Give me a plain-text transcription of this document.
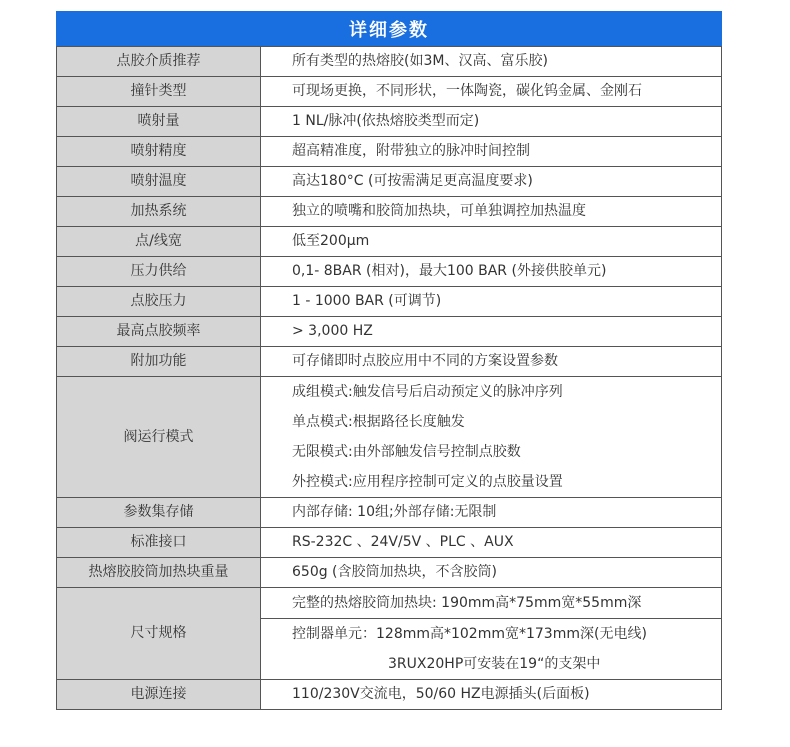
详细参数
点胶介质推荐	所有类型的热熔胶(如3M、汉高、富乐胶)
撞针类型	可现场更换，不同形状，一体陶瓷，碳化钨金属、金刚石
喷射量	1 NL/脉冲(依热熔胶类型而定)
喷射精度	超高精准度，附带独立的脉冲时间控制
喷射温度	高达180°C (可按需满足更高温度要求)
加热系统	独立的喷嘴和胶筒加热块，可单独调控加热温度
点/线宽	低至200μm
压力供给	0,1- 8BAR (相对)，最大100 BAR (外接供胶单元)
点胶压力	1 - 1000 BAR (可调节)
最高点胶频率	> 3,000 HZ
附加功能	可存储即时点胶应用中不同的方案设置参数
阀运行模式	成组模式:触发信号后启动预定义的脉冲序列
单点模式:根据路径长度触发
无限模式:由外部触发信号控制点胶数
外控模式:应用程序控制可定义的点胶量设置

参数集存储	内部存储: 10组;外部存储:无限制
标准接口	RS-232C 、24V/5V 、PLC 、AUX
热熔胶胶筒加热块重量	650g (含胶筒加热块，不含胶筒)
尺寸规格	完整的热熔胶筒加热块: 190mm高*75mm宽*55mm深
控制器单元：128mm高*102mm宽*173mm深(无电线)
3RUX20HP可安装在19“的支架中

电源连接	110/230V交流电，50/60 HZ电源插头(后面板)
